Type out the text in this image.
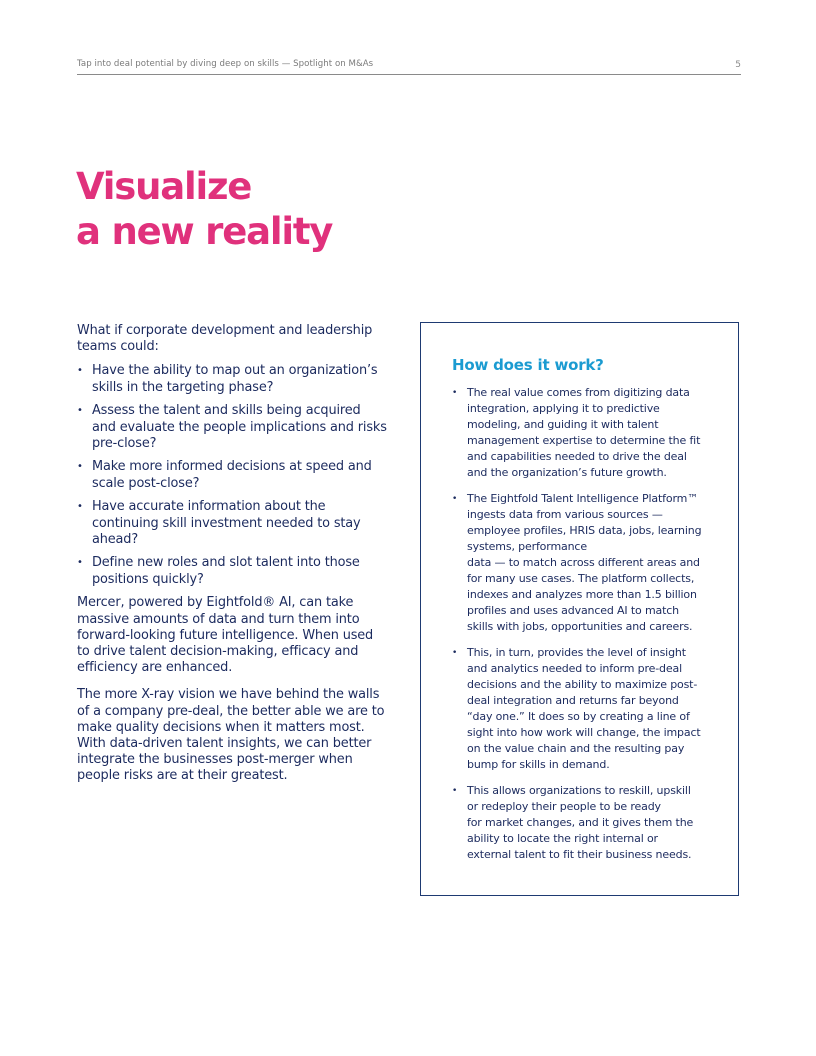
Tap into deal potential by diving deep on skills — Spotlight on M&As	5
Visualize
a new reality

What if corporate development and leadership teams could:

• Have the ability to map out an organization’s skills in the targeting phase?
• Assess the talent and skills being acquired and evaluate the people implications and risks pre-close?
• Make more informed decisions at speed and scale post-close?
• Have accurate information about the continuing skill investment needed to stay ahead?
• Define new roles and slot talent into those positions quickly?

Mercer, powered by Eightfold® AI, can take massive amounts of data and turn them into forward-looking future intelligence. When used to drive talent decision-making, efficacy and efficiency are enhanced.

The more X-ray vision we have behind the walls of a company pre-deal, the better able we are to make quality decisions when it matters most. With data-driven talent insights, we can better integrate the businesses post-merger when people risks are at their greatest.

How does it work?
• The real value comes from digitizing data
integration, applying it to predictive
modeling, and guiding it with talent
management expertise to determine the fit
and capabilities needed to drive the deal
and the organization’s future growth.
• The Eightfold Talent Intelligence Platform™
ingests data from various sources —
employee profiles, HRIS data, jobs, learning
systems, performance
data — to match across different areas and
for many use cases. The platform collects,
indexes and analyzes more than 1.5 billion
profiles and uses advanced AI to match
skills with jobs, opportunities and careers.
• This, in turn, provides the level of insight
and analytics needed to inform pre-deal
decisions and the ability to maximize post-
deal integration and returns far beyond
“day one.” It does so by creating a line of
sight into how work will change, the impact
on the value chain and the resulting pay
bump for skills in demand.
• This allows organizations to reskill, upskill
or redeploy their people to be ready
for market changes, and it gives them the
ability to locate the right internal or
external talent to fit their business needs.
